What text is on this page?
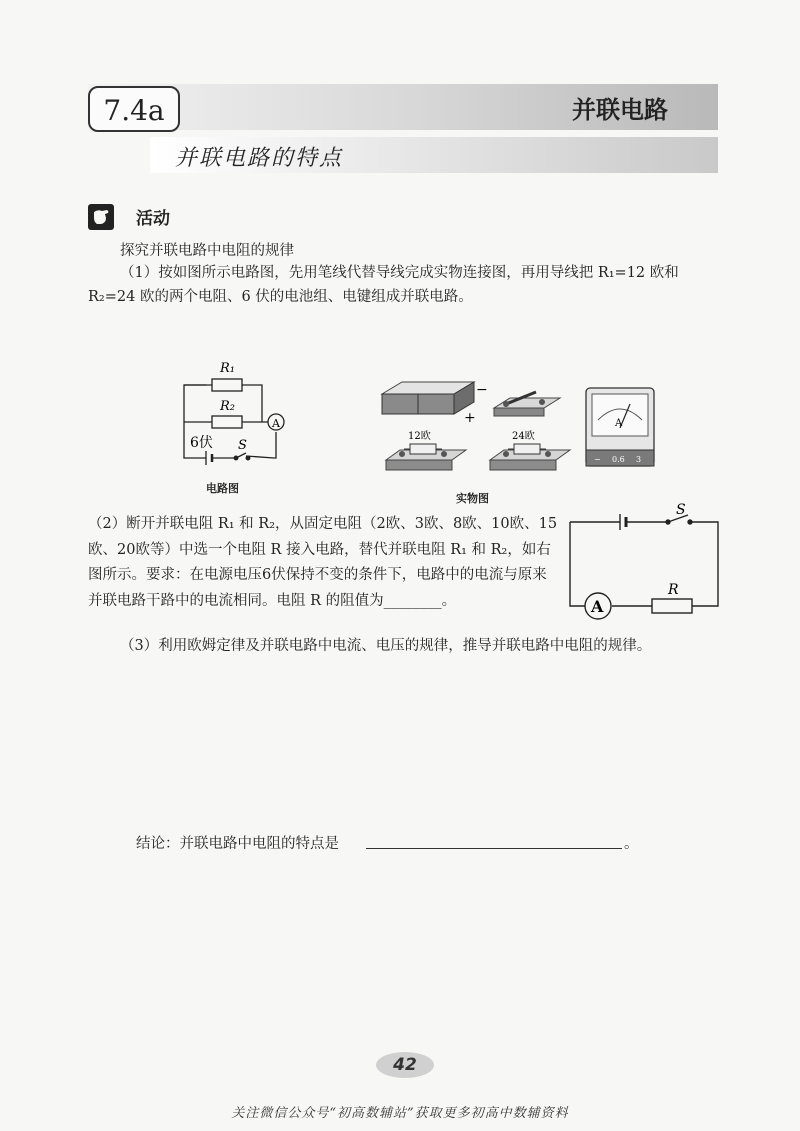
7.4a	并联电路
并联电路的特点
活动
探究并联电路中电阻的规律
（1）按如图所示电路图，先用笔线代替导线完成实物连接图，再用导线把 R₁=12 欧和
R₂=24 欧的两个电阻、6 伏的电池组、电键组成并联电路。
R₁
R₂
A
6伏 S
电路图
−
+
12欧	24欧
A
− 0.6 3
实物图
（2）断开并联电阻 R₁ 和 R₂，从固定电阻（2欧、3欧、8欧、10欧、15欧、20欧等）中选一个电阻 R 接入电路，替代并联电阻 R₁ 和 R₂，如右图所示。要求：在电源电压6伏保持不变的条件下，电路中的电流与原来并联电路干路中的电流相同。电阻 R 的阻值为________。
S
A
R
（3）利用欧姆定律及并联电路中电流、电压的规律，推导并联电路中电阻的规律。
结论：并联电路中电阻的特点是	。
42
关注微信公众号“初高数辅站”获取更多初高中数辅资料
